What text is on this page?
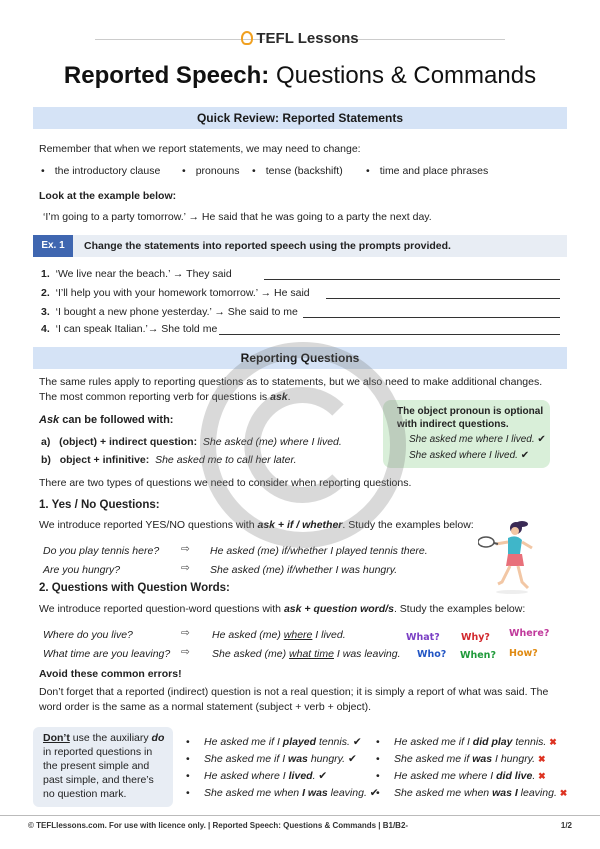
TEFL Lessons
Reported Speech: Questions & Commands
Quick Review: Reported Statements
Remember that when we report statements, we may need to change:
• the introductory clause	• pronouns	• tense (backshift)	• time and place phrases
Look at the example below:
‘I’m going to a party tomorrow.’ → He said that he was going to a party the next day.
Ex. 1	Change the statements into reported speech using the prompts provided.
1. ‘We live near the beach.’ → They said
2. ‘I’ll help you with your homework tomorrow.’ → He said
3. ‘I bought a new phone yesterday.’ → She said to me
4. ‘I can speak Italian.’→ She told me
Reporting Questions
The same rules apply to reporting questions as to statements, but we also need to make additional changes.
The most common reporting verb for questions is ask.
Ask can be followed with:
a) (object) + indirect question: She asked (me) where I lived.
b) object + infinitive: She asked me to call her later.
The object pronoun is optional with indirect questions.
She asked me where I lived. ✔
She asked where I lived. ✔
There are two types of questions we need to consider when reporting questions.
1. Yes / No Questions:
We introduce reported YES/NO questions with ask + if / whether. Study the examples below:
Do you play tennis here? ⇨ He asked (me) if/whether I played tennis there.
Are you hungry?	⇨ She asked (me) if/whether I was hungry.
2. Questions with Question Words:
We introduce reported question-word questions with ask + question word/s. Study the examples below:
Where do you live?	⇨ He asked (me) where I lived.
What time are you leaving? ⇨ She asked (me) what time I was leaving.
What? Why? Where?
Who? When? How?
Avoid these common errors!
Don’t forget that a reported (indirect) question is not a real question; it is simply a report of what was said. The
word order is the same as a normal statement (subject + verb + object).
Don’t use the auxiliary do in reported questions in the present simple and past simple, and there’s no question mark.
• He asked me if I played tennis. ✔
• She asked me if I was hungry. ✔
• He asked where I lived. ✔
• She asked me when I was leaving. ✔
• He asked me if I did play tennis. ✖
• She asked me if was I hungry. ✖
• He asked me where I did live. ✖
• She asked me when was I leaving. ✖
© TEFLlessons.com. For use with licence only. | Reported Speech: Questions & Commands | B1/B2-	1/2
